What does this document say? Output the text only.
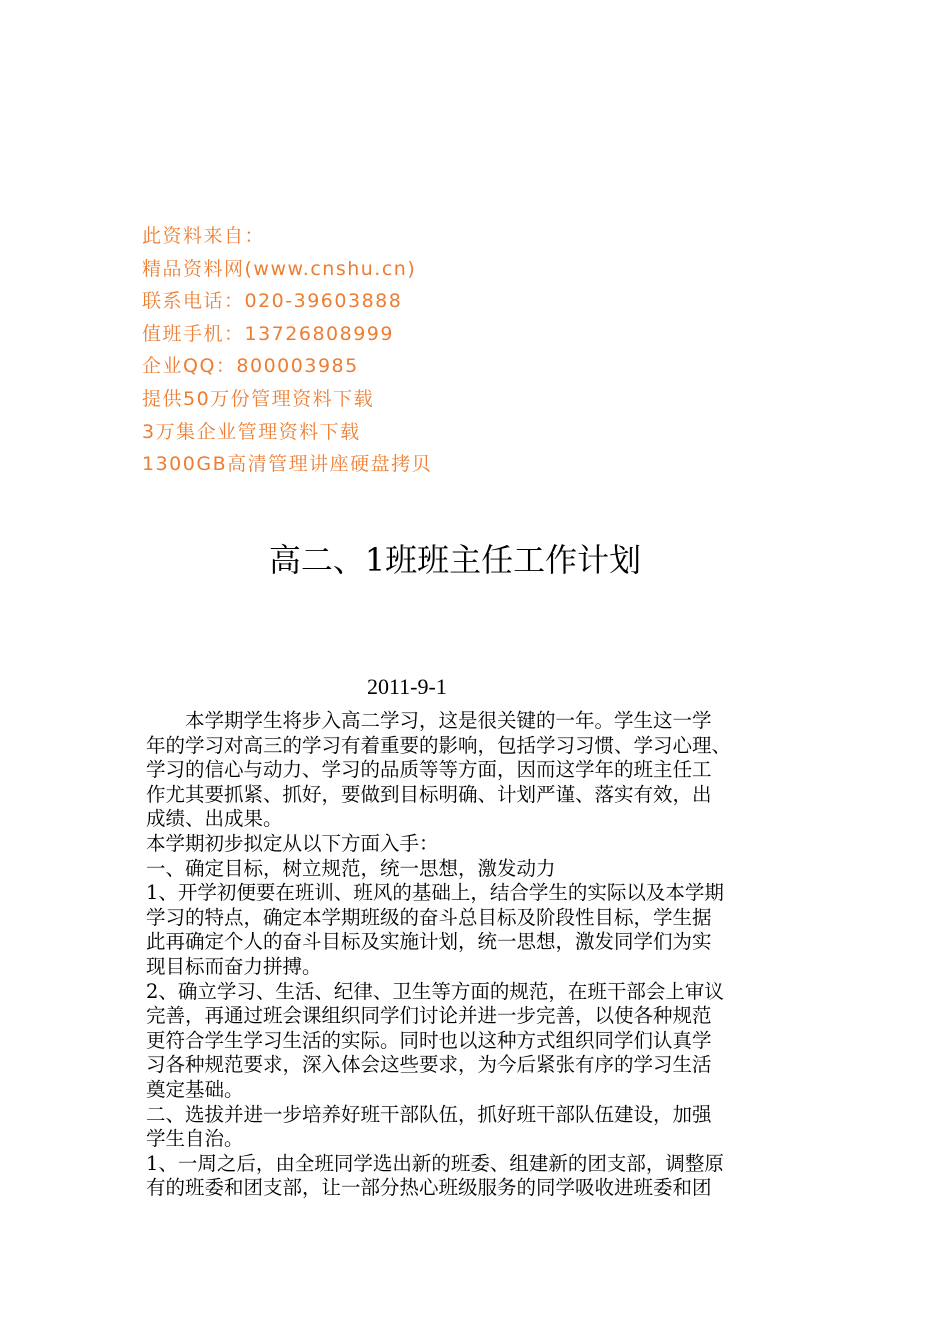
此资料来自：
精品资料网(www.cnshu.cn)
联系电话：020-39603888
值班手机：13726808999
企业QQ：800003985
提供50万份管理资料下载
3万集企业管理资料下载
1300GB高清管理讲座硬盘拷贝
高二、1班班主任工作计划
2011-9-1
　　本学期学生将步入高二学习，这是很关键的一年。学生这一学
年的学习对高三的学习有着重要的影响，包括学习习惯、学习心理、
学习的信心与动力、学习的品质等等方面，因而这学年的班主任工
作尤其要抓紧、抓好，要做到目标明确、计划严谨、落实有效，出
成绩、出成果。
本学期初步拟定从以下方面入手：
一、确定目标，树立规范，统一思想，激发动力
1、开学初便要在班训、班风的基础上，结合学生的实际以及本学期
学习的特点，确定本学期班级的奋斗总目标及阶段性目标，学生据
此再确定个人的奋斗目标及实施计划，统一思想，激发同学们为实
现目标而奋力拼搏。
2、确立学习、生活、纪律、卫生等方面的规范，在班干部会上审议
完善，再通过班会课组织同学们讨论并进一步完善，以使各种规范
更符合学生学习生活的实际。同时也以这种方式组织同学们认真学
习各种规范要求，深入体会这些要求，为今后紧张有序的学习生活
奠定基础。
二、选拔并进一步培养好班干部队伍，抓好班干部队伍建设，加强
学生自治。
1、一周之后，由全班同学选出新的班委、组建新的团支部，调整原
有的班委和团支部，让一部分热心班级服务的同学吸收进班委和团
